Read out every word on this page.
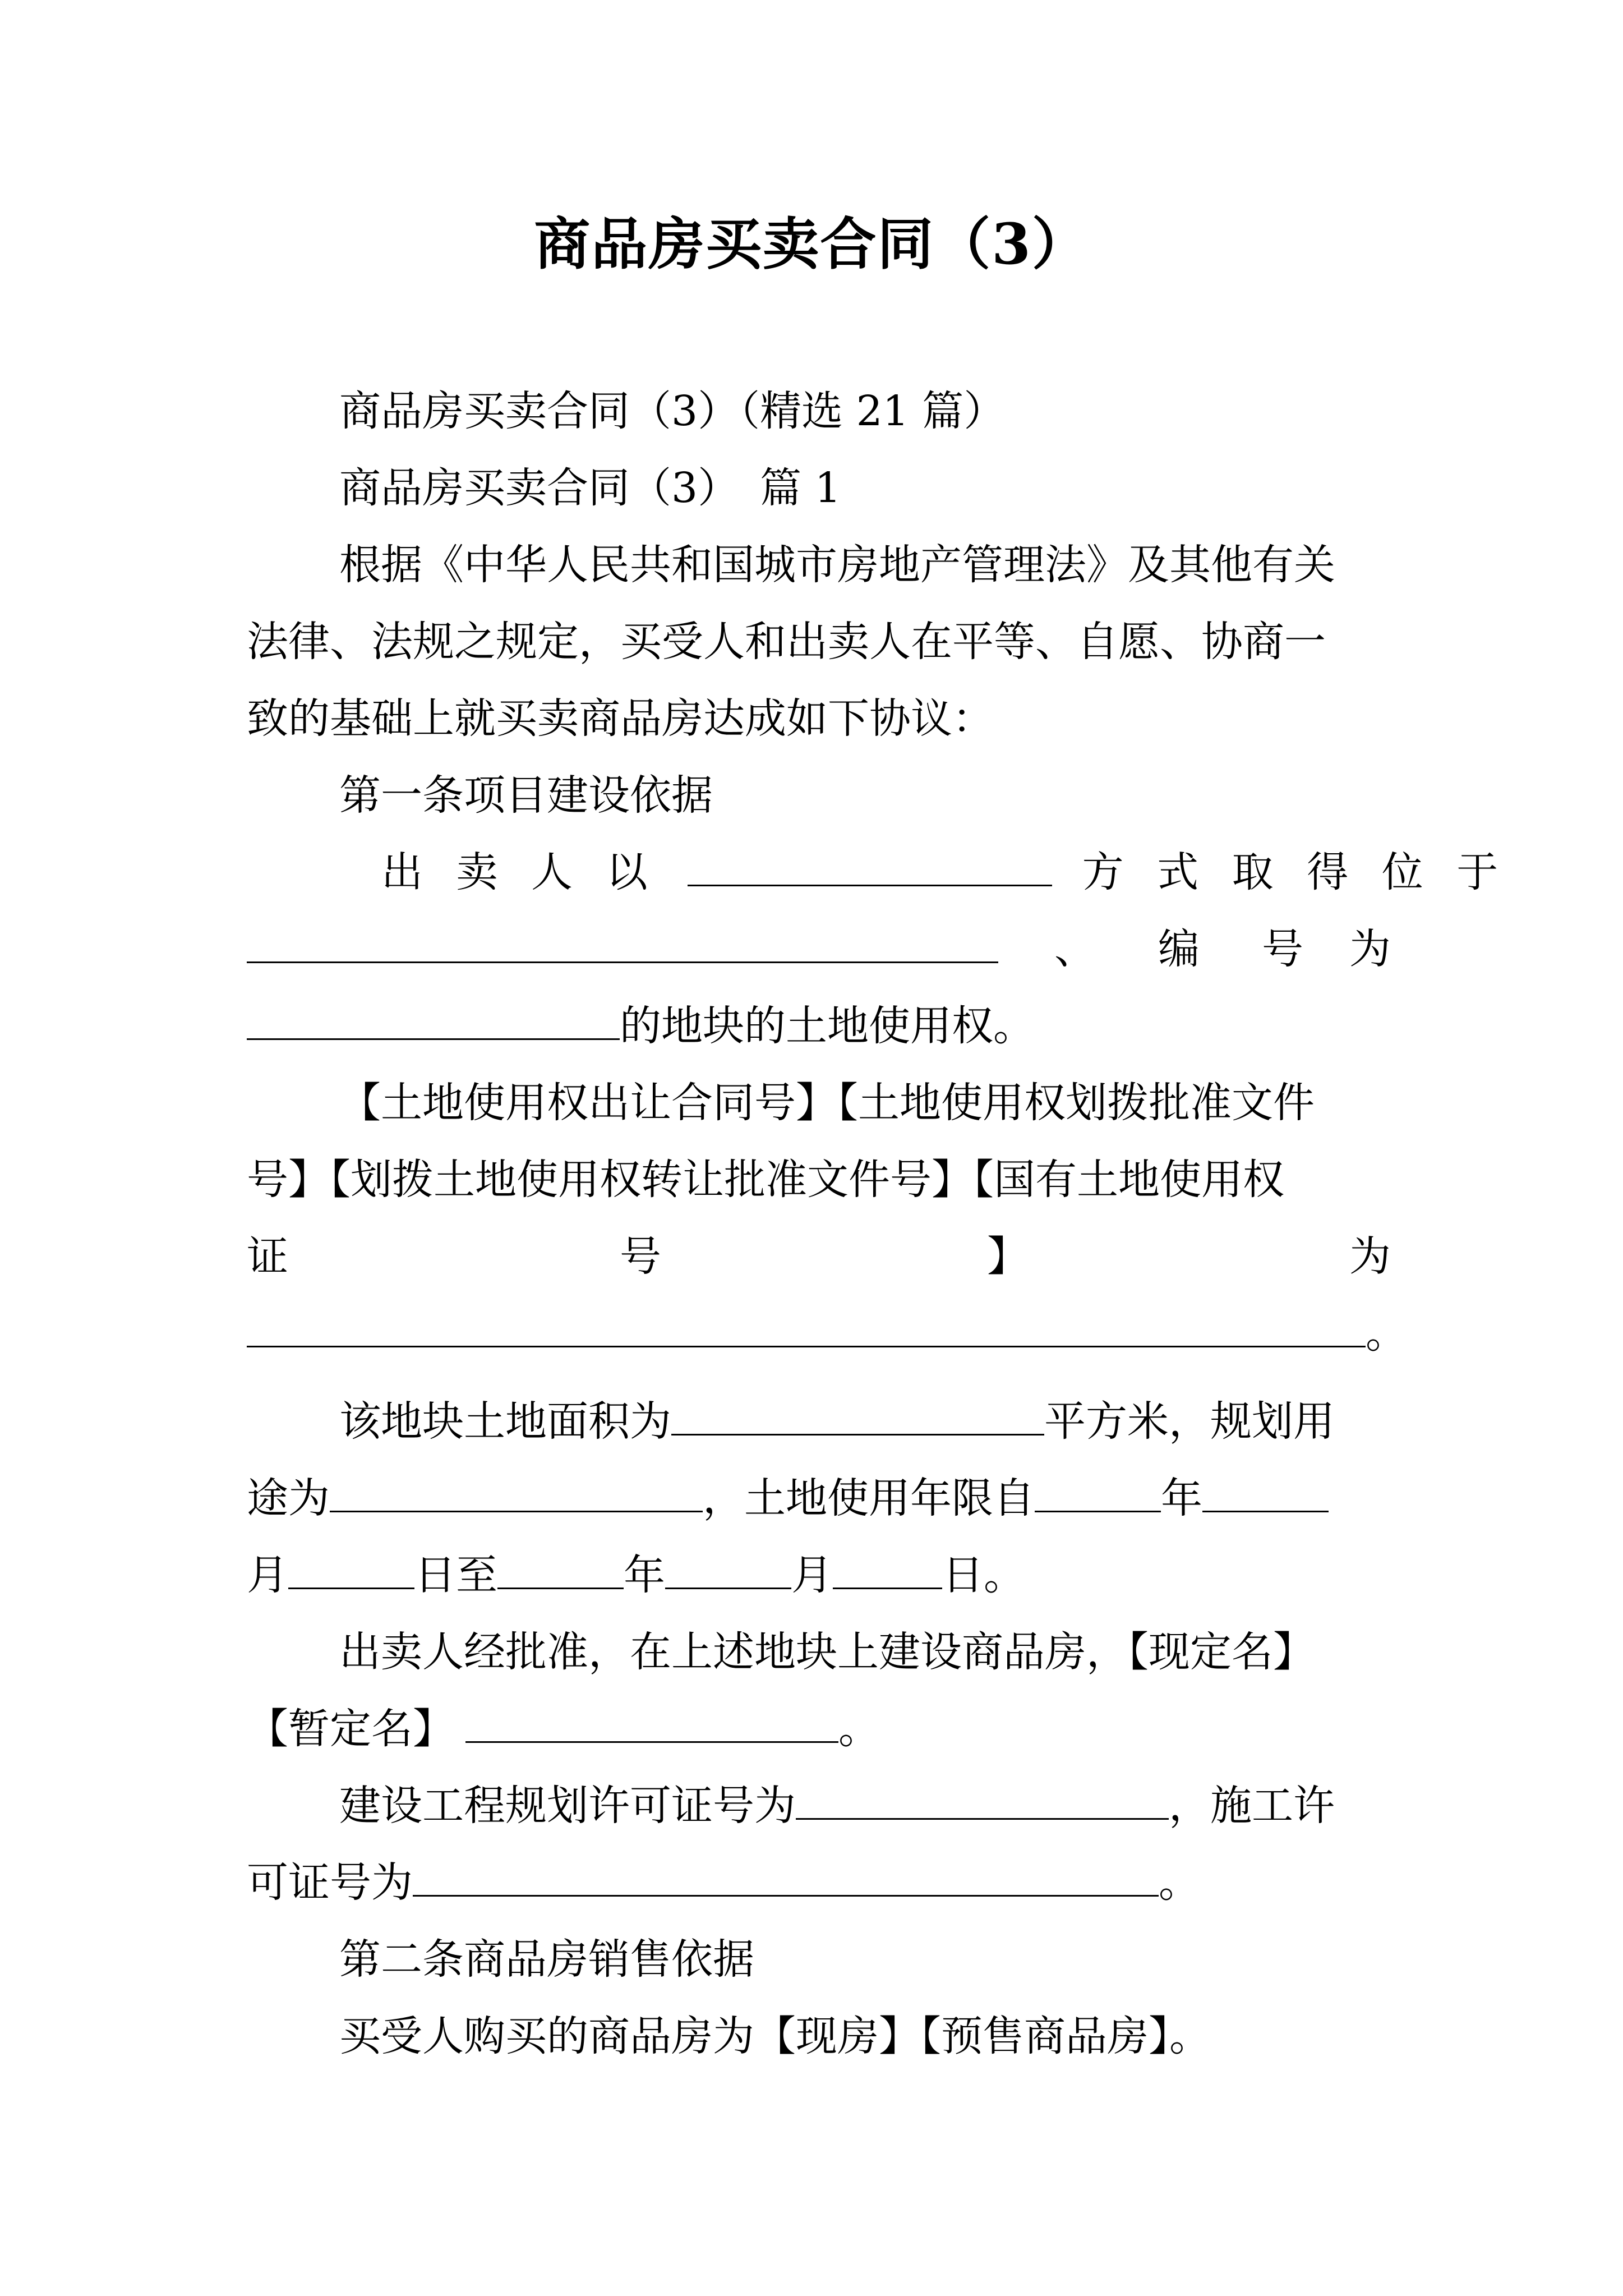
商品房买卖合同（3）
商品房买卖合同（3）（精选 21 篇）
商品房买卖合同（3）　篇 1
根据《中华人民共和国城市房地产管理法》及其他有关
法律、法规之规定，买受人和出卖人在平等、自愿、协商一
致的基础上就买卖商品房达成如下协议：
第一条项目建设依据
出 卖 人 以	方 式 取 得 位 于
、 编 号 为
的地块的土地使用权。
【土地使用权出让合同号】【土地使用权划拨批准文件
号】【划拨土地使用权转让批准文件号】【国有土地使用权
证	号	】	为
。
该地块土地面积为	平方米，规划用
途为	，土地使用年限自	年
月	日至	年	月	日。
出卖人经批准，在上述地块上建设商品房，【现定名】
【暂定名】	。
建设工程规划许可证号为	，施工许
可证号为	。
第二条商品房销售依据
买受人购买的商品房为【现房】【预售商品房】。
